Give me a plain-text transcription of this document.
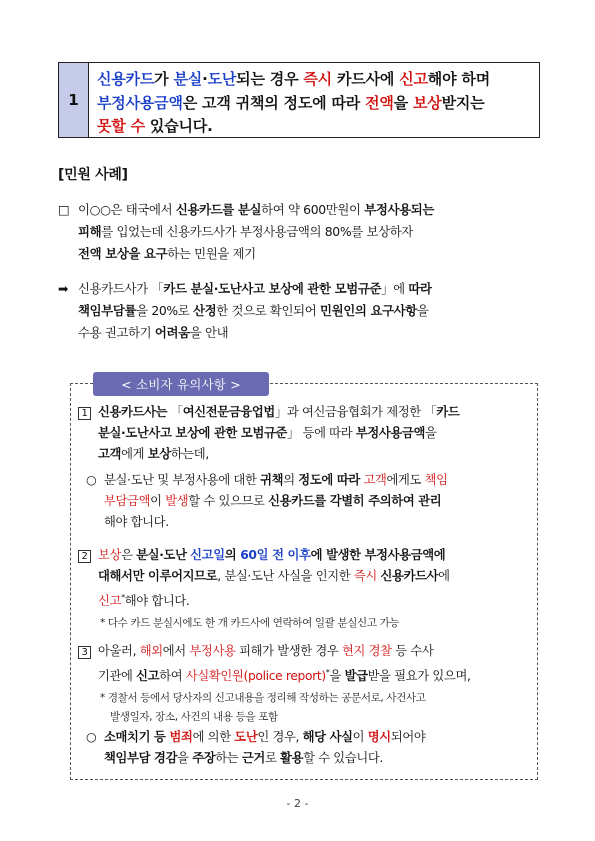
1
신용카드가 분실·도난되는 경우 즉시 카드사에 신고해야 하며
부정사용금액은 고객 귀책의 정도에 따라 전액을 보상받지는
못할 수 있습니다.
[민원 사례]
□ 이○○은 태국에서 신용카드를 분실하여 약 600만원이 부정사용되는
피해를 입었는데 신용카드사가 부정사용금액의 80%를 보상하자
전액 보상을 요구하는 민원을 제기
➡ 신용카드사가 「카드 분실·도난사고 보상에 관한 모범규준」에 따라
책임부담률을 20%로 산정한 것으로 확인되어 민원인의 요구사항을
수용 권고하기 어려움을 안내
< 소비자 유의사항 >
1 신용카드사는 「여신전문금융업법」과 여신금융협회가 제정한 「카드
분실·도난사고 보상에 관한 모범규준」 등에 따라 부정사용금액을
고객에게 보상하는데,
○ 분실·도난 및 부정사용에 대한 귀책의 정도에 따라 고객에게도 책임
부담금액이 발생할 수 있으므로 신용카드를 각별히 주의하여 관리
해야 합니다.
2 보상은 분실·도난 신고일의 60일 전 이후에 발생한 부정사용금액에
대해서만 이루어지므로, 분실·도난 사실을 인지한 즉시 신용카드사에
신고*해야 합니다.
* 다수 카드 분실시에도 한 개 카드사에 연락하여 일괄 분실신고 가능
3 아울러, 해외에서 부정사용 피해가 발생한 경우 현지 경찰 등 수사
기관에 신고하여 사실확인원(police report)*을 발급받을 필요가 있으며,
* 경찰서 등에서 당사자의 신고내용을 정리해 작성하는 공문서로, 사건사고
발생일자, 장소, 사건의 내용 등을 포함
○ 소매치기 등 범죄에 의한 도난인 경우, 해당 사실이 명시되어야
책임부담 경감을 주장하는 근거로 활용할 수 있습니다.
- 2 -
